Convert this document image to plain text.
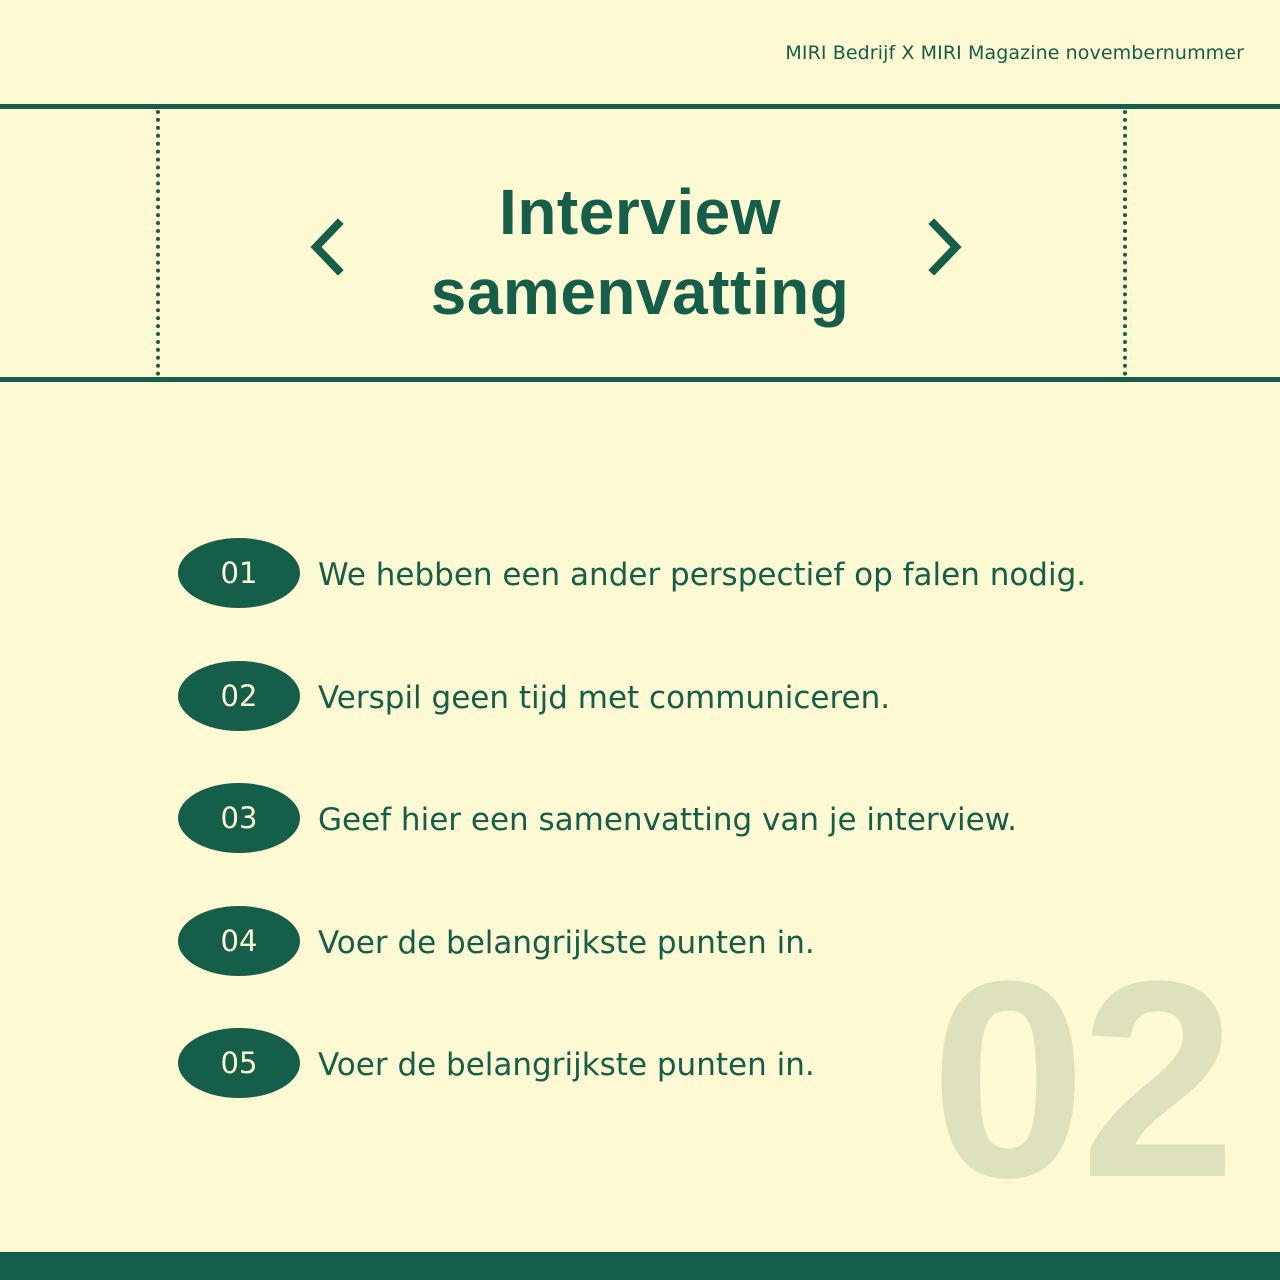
MIRI Bedrijf X MIRI Magazine novembernummer
Interview
samenvatting
01	We hebben een ander perspectief op falen nodig.
02	Verspil geen tijd met communiceren.
03	Geef hier een samenvatting van je interview.
04	Voer de belangrijkste punten in.
05	Voer de belangrijkste punten in. 02
